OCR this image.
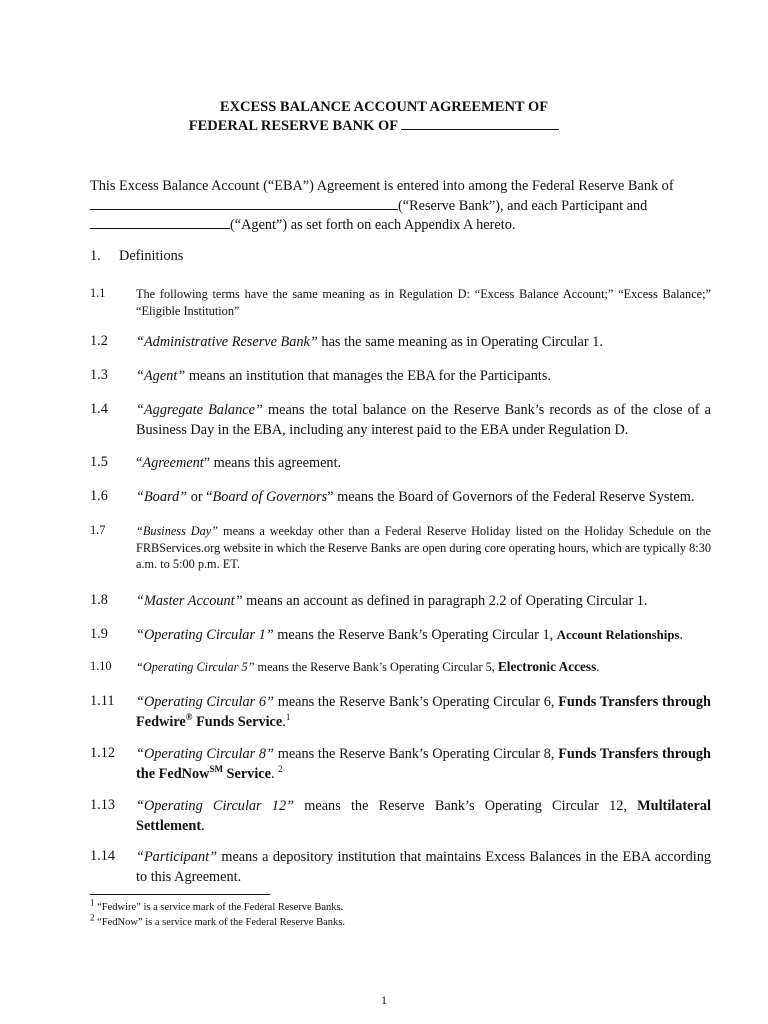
EXCESS BALANCE ACCOUNT AGREEMENT OF
FEDERAL RESERVE BANK OF
This Excess Balance Account (“EBA”) Agreement is entered into among the Federal Reserve Bank of
(“Reserve Bank”), and each Participant and
(“Agent”) as set forth on each Appendix A hereto.
1. Definitions
1.1 The following terms have the same meaning as in Regulation D: “Excess Balance Account;” “Excess Balance;” “Eligible Institution”
1.2 “Administrative Reserve Bank” has the same meaning as in Operating Circular 1.
1.3 “Agent” means an institution that manages the EBA for the Participants.
1.4 “Aggregate Balance” means the total balance on the Reserve Bank’s records as of the close of a Business Day in the EBA, including any interest paid to the EBA under Regulation D.
1.5 “Agreement” means this agreement.
1.6 “Board” or “Board of Governors” means the Board of Governors of the Federal Reserve System.
1.7 “Business Day” means a weekday other than a Federal Reserve Holiday listed on the Holiday Schedule on the FRBServices.org website in which the Reserve Banks are open during core operating hours, which are typically 8:30 a.m. to 5:00 p.m. ET.
1.8 “Master Account” means an account as defined in paragraph 2.2 of Operating Circular 1.
1.9 “Operating Circular 1” means the Reserve Bank’s Operating Circular 1, Account Relationships.
1.10 “Operating Circular 5” means the Reserve Bank’s Operating Circular 5, Electronic Access.
1.11 “Operating Circular 6” means the Reserve Bank’s Operating Circular 6, Funds Transfers through Fedwire® Funds Service.$^1$
1.12 “Operating Circular 8” means the Reserve Bank’s Operating Circular 8, Funds Transfers through the FedNow℠ Service. $^2$
1.13 “Operating Circular 12” means the Reserve Bank’s Operating Circular 12, Multilateral Settlement.
1.14 “Participant” means a depository institution that maintains Excess Balances in the EBA according to this Agreement.
$^1$ “Fedwire” is a service mark of the Federal Reserve Banks.
$^2$ “FedNow” is a service mark of the Federal Reserve Banks.
1
